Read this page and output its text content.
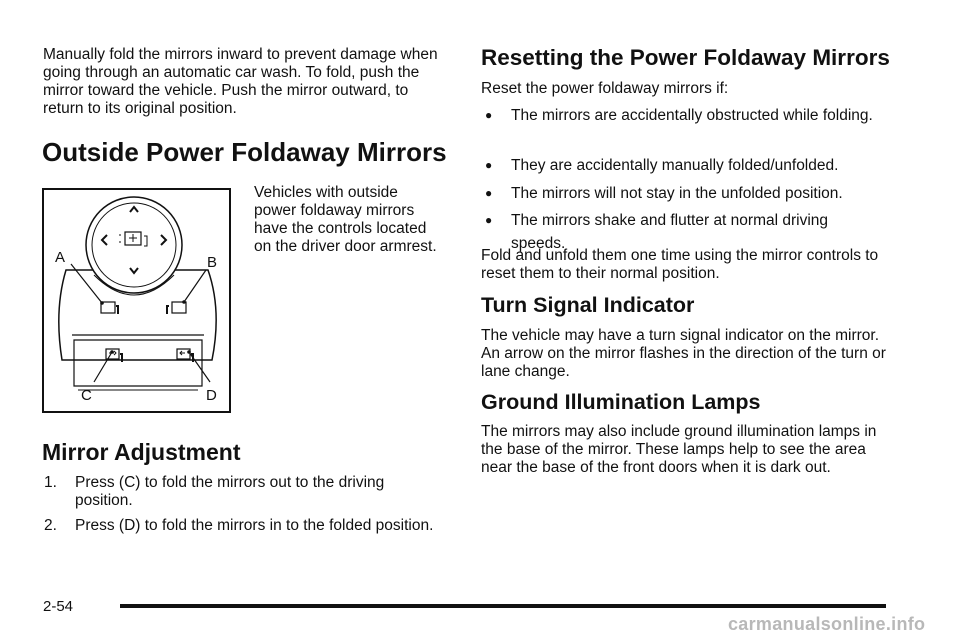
Manually fold the mirrors inward to prevent damage when going through an automatic car wash. To fold, push the mirror toward the vehicle. Push the mirror outward, to return to its original position.

Outside Power Foldaway Mirrors
A	B
C	D

Vehicles with outside power foldaway mirrors have the controls located on the driver door armrest.

Mirror Adjustment
1.	Press (C) to fold the mirrors out to the driving position.
2.	Press (D) to fold the mirrors in to the folded position.
Resetting the Power Foldaway Mirrors

Reset the power foldaway mirrors if:

●	The mirrors are accidentally obstructed while folding.
●	They are accidentally manually folded/unfolded.
●	The mirrors will not stay in the unfolded position.
●	The mirrors shake and flutter at normal driving speeds.

Fold and unfold them one time using the mirror controls to reset them to their normal position.

Turn Signal Indicator

The vehicle may have a turn signal indicator on the mirror. An arrow on the mirror flashes in the direction of the turn or lane change.

Ground Illumination Lamps

The mirrors may also include ground illumination lamps in the base of the mirror. These lamps help to see the area near the base of the front doors when it is dark out.

2-54
carmanualsonline.info
